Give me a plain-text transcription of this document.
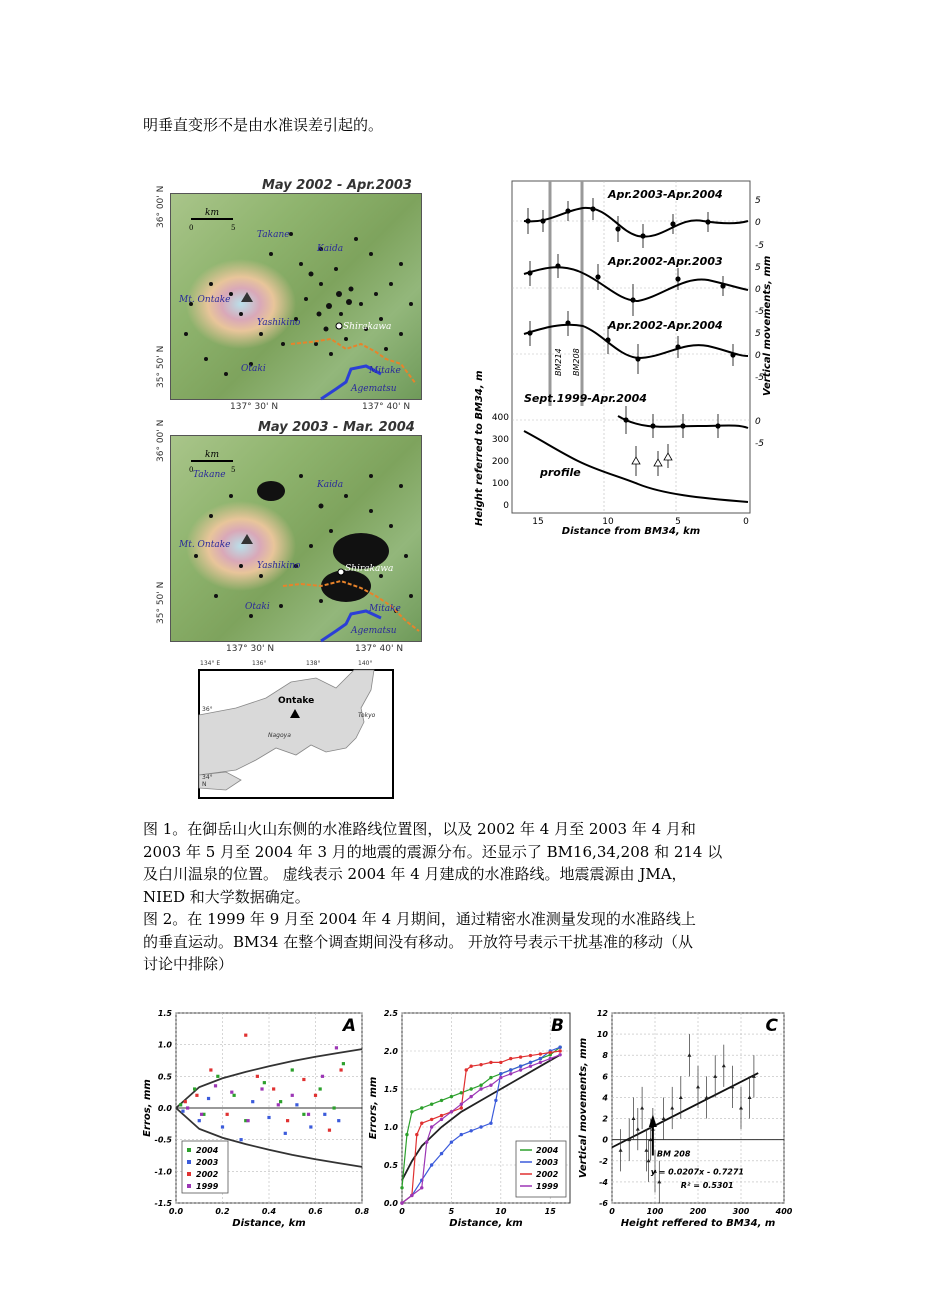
明垂直变形不是由水准误差引起的。
May 2002 - Apr.2003
36° 00' N
35° 50' N
km
0	5
Takane
Kaida
Mt. Ontake
Yashikino	Shirakawa
Otaki	Mitake
Agematsu
137° 30' N	137° 40' N
May 2003 - Mar. 2004
36° 00' N
35° 50' N
km
0	5
Takane
Kaida
Mt. Ontake
Yashikino	Shirakawa
Otaki	Mitake
Agematsu
137° 30' N	137° 40' N
134° E	136°	138°	140°
36°
34° N
Ontake
Nagoya
Tokyo
Apr.2003-Apr.2004
Apr.2002-Apr.2003
Apr.2002-Apr.2004
Sept.1999-Apr.2004
profile
BM214 BM208
5
0
-5
5
0
-5
5
0
-5
0
-5
400
300
200
100
0
15	10	5	0
Distance from BM34, km
Height referred to BM34, m
Vertical movements, mm

图 1。在御岳山火山东侧的水准路线位置图，以及 2002 年 4 月至 2003 年 4 月和

2003 年 5 月至 2004 年 3 月的地震的震源分布。还显示了 BM16,34,208 和 214 以

及白川温泉的位置。 虚线表示 2004 年 4 月建成的水准路线。地震震源由 JMA，

NIED 和大学数据确定。

图 2。在 1999 年 9 月至 2004 年 4 月期间，通过精密水准测量发现的水准路线上

的垂直运动。BM34 在整个调查期间没有移动。 开放符号表示干扰基准的移动（从

讨论中排除）

1.5
1.0
0.5
0.0
-0.5
-1.0
-1.5
0.0	0.2	0.4	0.6	0.8
Distance, km
Erros, mm
A
2004
2003
2002
1999
2.5
2.0
1.5
1.0
0.5
0.0
0	5	10	15
Distance, km
Errors, mm
B
2004
2003
2002
1999
12
10
8
6
4
2
0
-2
-4
-6
0	100	200	300	400
Height reffered to BM34, m
Vertical movements, mm
C
BM 208
y = 0.0207x - 0.7271
R² = 0.5301
